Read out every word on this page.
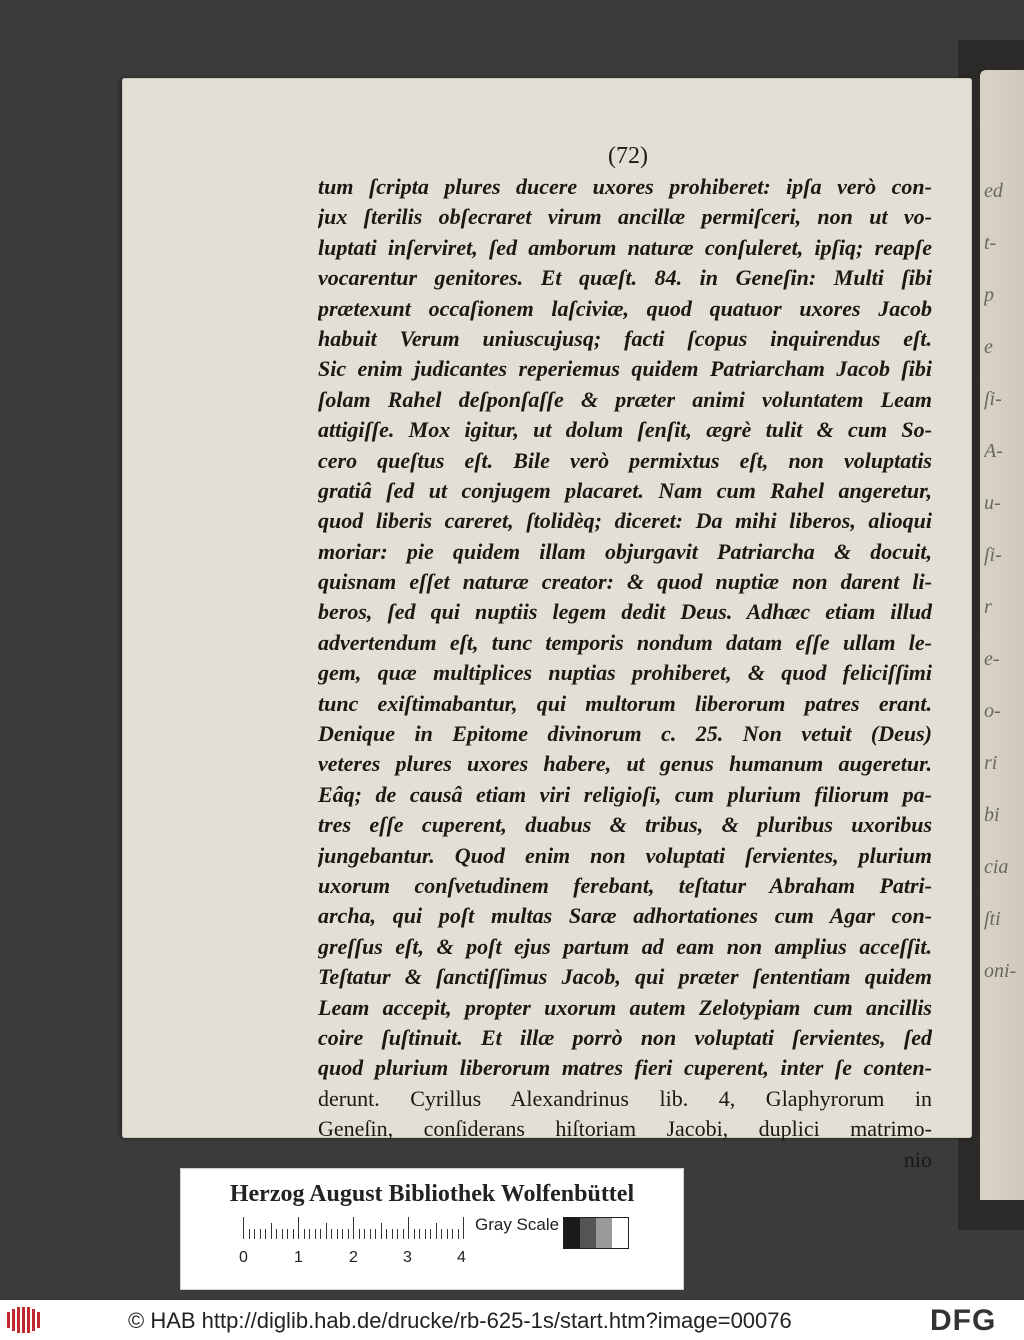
ed
t-
p
e
ſi-
A-
u-
ſi-
r
e-
o-
ri
bi
cia
ſti
oni-
(72)
tum ſcripta plures ducere uxores prohiberet: ipſa verò con-
jux ſterilis obſecraret virum ancillæ permiſceri, non ut vo-
luptati inſerviret, ſed amborum naturæ conſuleret, ipſiq; reapſe
vocarentur genitores. Et quæſt. 84. in Geneſin: Multi ſibi
prætexunt occaſionem laſciviæ, quod quatuor uxores Jacob
habuit Verum uniuscujusq; facti ſcopus inquirendus eſt.
Sic enim judicantes reperiemus quidem Patriarcham Jacob ſibi
ſolam Rahel deſponſaſſe & præter animi voluntatem Leam
attigiſſe. Mox igitur, ut dolum ſenſit, ægrè tulit & cum So-
cero queſtus eſt. Bile verò permixtus eſt, non voluptatis
gratiâ ſed ut conjugem placaret. Nam cum Rahel angeretur,
quod liberis careret, ſtolidèq; diceret: Da mihi liberos, alioqui
moriar: pie quidem illam objurgavit Patriarcha & docuit,
quisnam eſſet naturæ creator: & quod nuptiæ non darent li-
beros, ſed qui nuptiis legem dedit Deus. Adhæc etiam illud
advertendum eſt, tunc temporis nondum datam eſſe ullam le-
gem, quæ multiplices nuptias prohiberet, & quod feliciſſimi
tunc exiſtimabantur, qui multorum liberorum patres erant.
Denique in Epitome divinorum c. 25. Non vetuit (Deus)
veteres plures uxores habere, ut genus humanum augeretur.
Eâq; de causâ etiam viri religioſi, cum plurium filiorum pa-
tres eſſe cuperent, duabus & tribus, & pluribus uxoribus
jungebantur. Quod enim non voluptati ſervientes, plurium
uxorum conſvetudinem ferebant, teſtatur Abraham Patri-
archa, qui poſt multas Saræ adhortationes cum Agar con-
greſſus eſt, & poſt ejus partum ad eam non amplius acceſſit.
Teſtatur & ſanctiſſimus Jacob, qui præter ſententiam quidem
Leam accepit, propter uxorum autem Zelotypiam cum ancillis
coire ſuſtinuit. Et illæ porrò non voluptati ſervientes, ſed
quod plurium liberorum matres fieri cuperent, inter ſe conten-
derunt. Cyrillus Alexandrinus lib. 4, Glaphyrorum in
Geneſin, conſiderans hiſtoriam Jacobi, duplici matrimo-
nio
Herzog August Bibliothek Wolfenbüttel
0	1	2	3	4
Gray Scale
© HAB http://diglib.hab.de/drucke/rb-625-1s/start.htm?image=00076	DFG
